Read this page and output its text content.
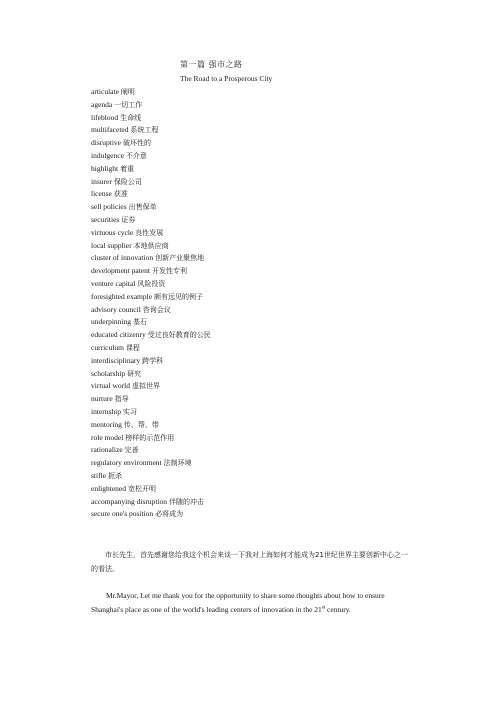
第一篇 强市之路
The Road to a Prosperous City
articulate 阐明
agenda 一切工作
lifeblood 生命线
multifaceted 系统工程
disruptive 破坏性的
indulgence 不介意
highlight 着重
insurer 保险公司
license 获准
sell policies 出售保单
securities 证券
virtuous cycle 良性发展
local supplier 本地供应商
cluster of innovation 创新产业聚焦地
development patent 开发性专利
venture capital 风险投资
foresighted example 颇有远见的例子
advisory council 咨询会议
underpinning 基石
educated citizenry 受过良好教育的公民
curriculum 课程
interdisciplinary 跨学科
scholarship 研究
virtual world 虚拟世界
nurture 指导
internship 实习
mentoring 传、帮、带
role model 榜样的示范作用
rationalize 完善
regulatory environment 法制环境
stifle 扼杀
enlightened 宽松开明
accompanying disruption 伴随的冲击
secure one's position 必将成为
市长先生，首先感谢您给我这个机会来谈一下我对上海如何才能成为21世纪世界主要创新中心之一的看法。
Mr.Mayor, Let me thank you for the opportunity to share some thoughts about how to ensure Shanghai's place as one of the world's leading centers of innovation in the 21st century.
